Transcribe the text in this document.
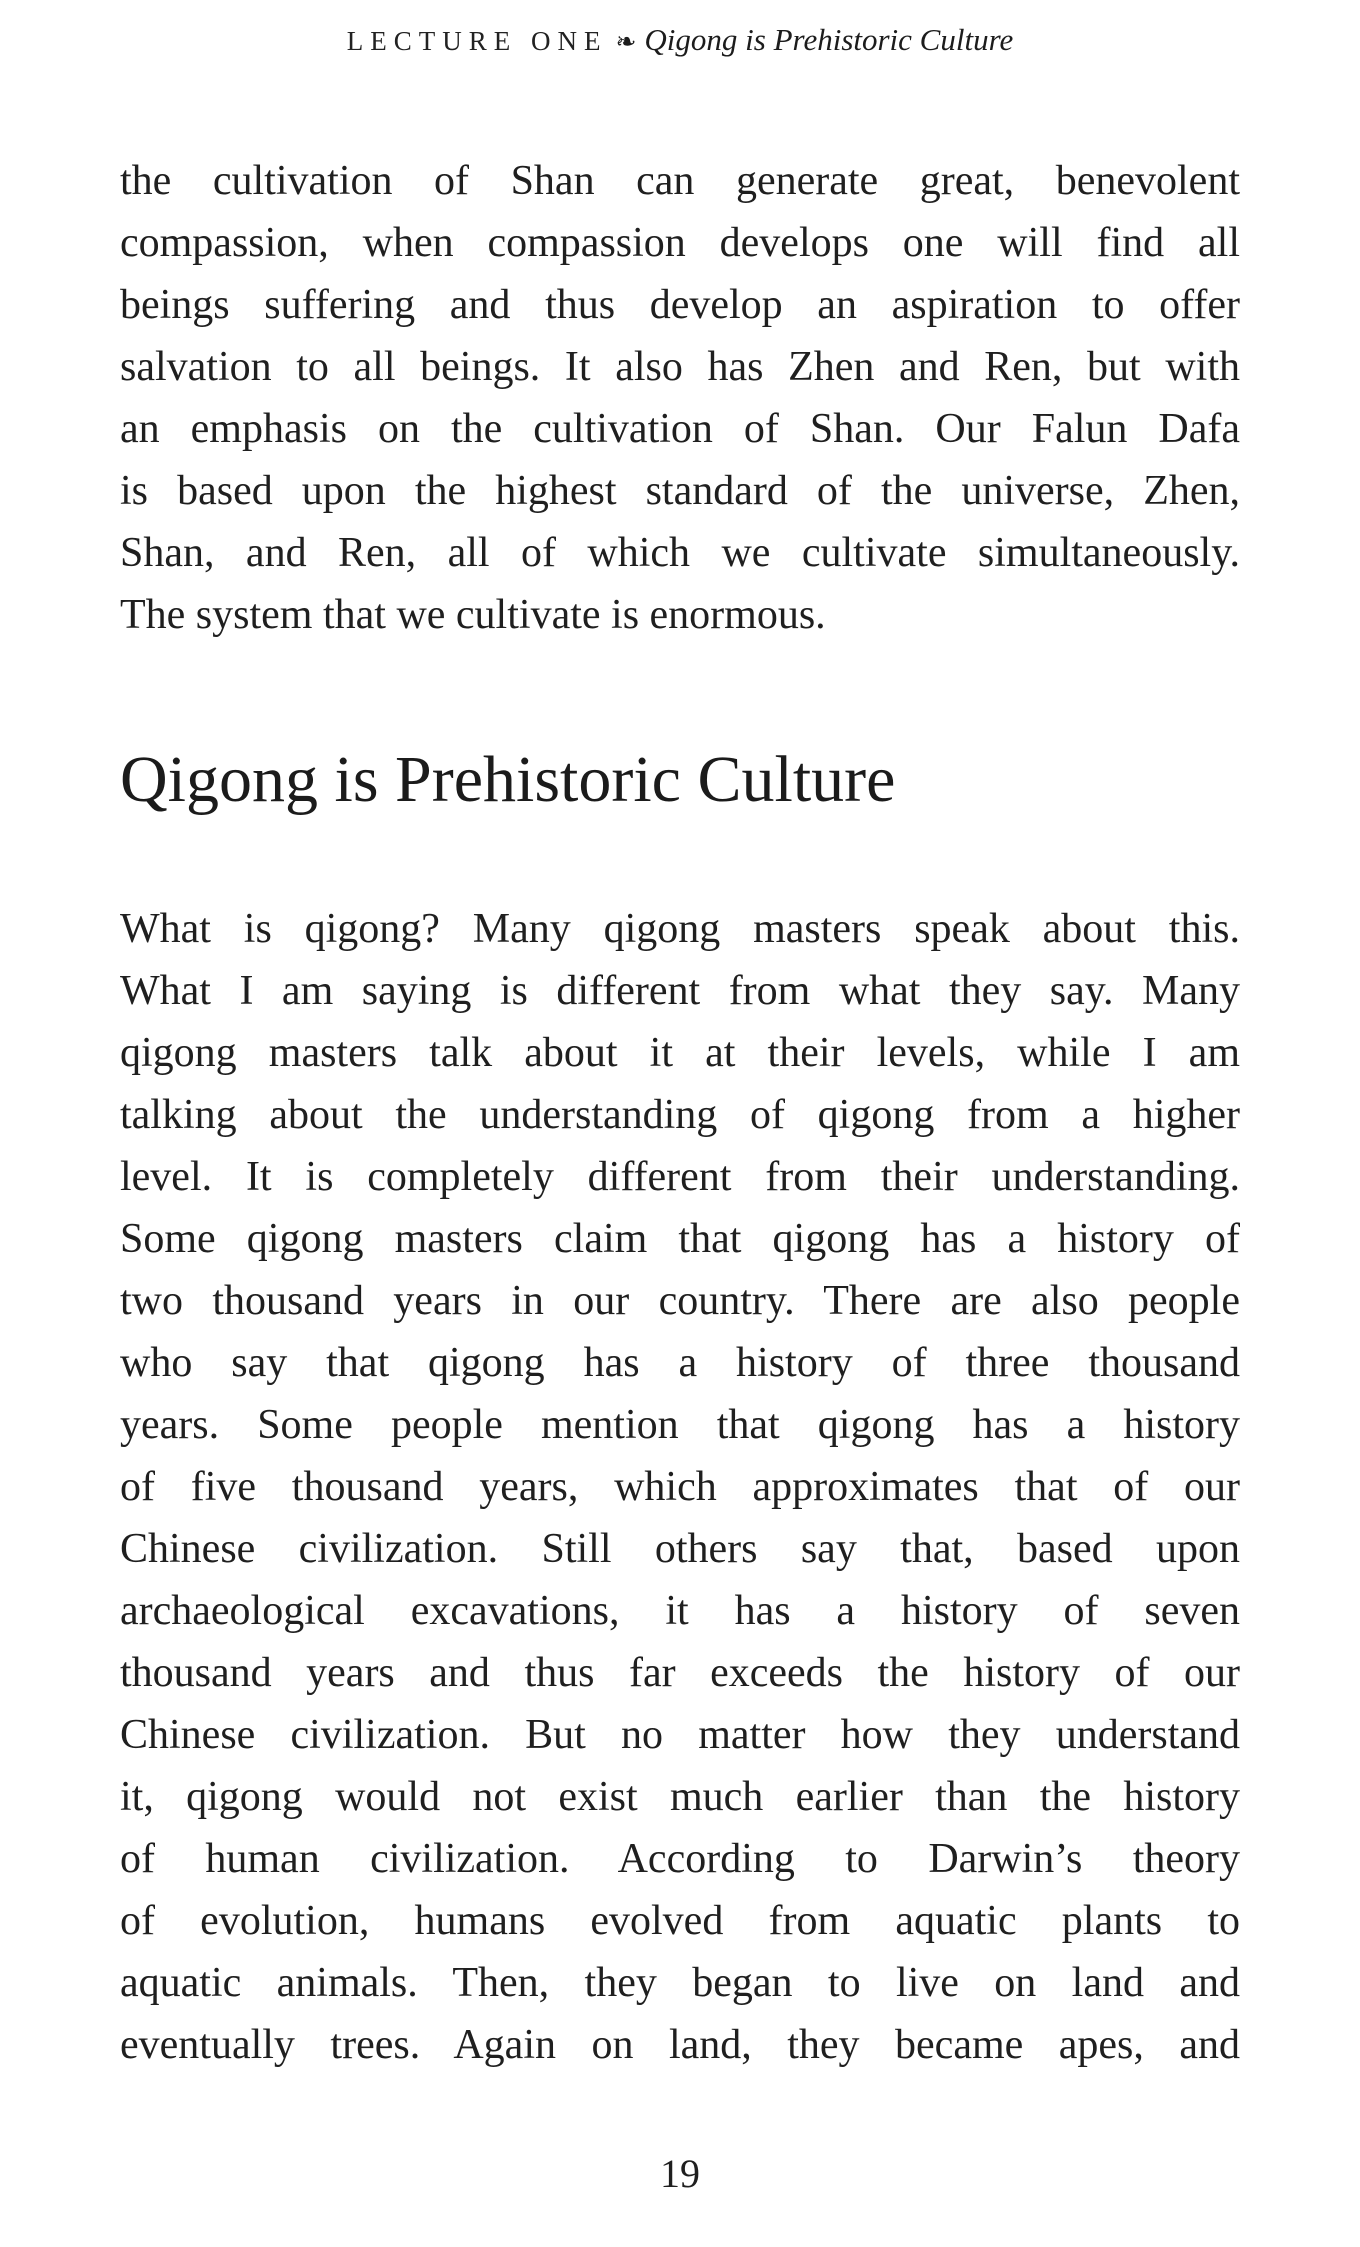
LECTURE ONE ❧ Qigong is Prehistoric Culture
the cultivation of Shan can generate great, benevolent
compassion, when compassion develops one will find all
beings suffering and thus develop an aspiration to offer
salvation to all beings. It also has Zhen and Ren, but with
an emphasis on the cultivation of Shan. Our Falun Dafa
is based upon the highest standard of the universe, Zhen,
Shan, and Ren, all of which we cultivate simultaneously.
The system that we cultivate is enormous.
Qigong is Prehistoric Culture
What is qigong? Many qigong masters speak about this.
What I am saying is different from what they say. Many
qigong masters talk about it at their levels, while I am
talking about the understanding of qigong from a higher
level. It is completely different from their understanding.
Some qigong masters claim that qigong has a history of
two thousand years in our country. There are also people
who say that qigong has a history of three thousand
years. Some people mention that qigong has a history
of five thousand years, which approximates that of our
Chinese civilization. Still others say that, based upon
archaeological excavations, it has a history of seven
thousand years and thus far exceeds the history of our
Chinese civilization. But no matter how they understand
it, qigong would not exist much earlier than the history
of human civilization. According to Darwin’s theory
of evolution, humans evolved from aquatic plants to
aquatic animals. Then, they began to live on land and
eventually trees. Again on land, they became apes, and
19
